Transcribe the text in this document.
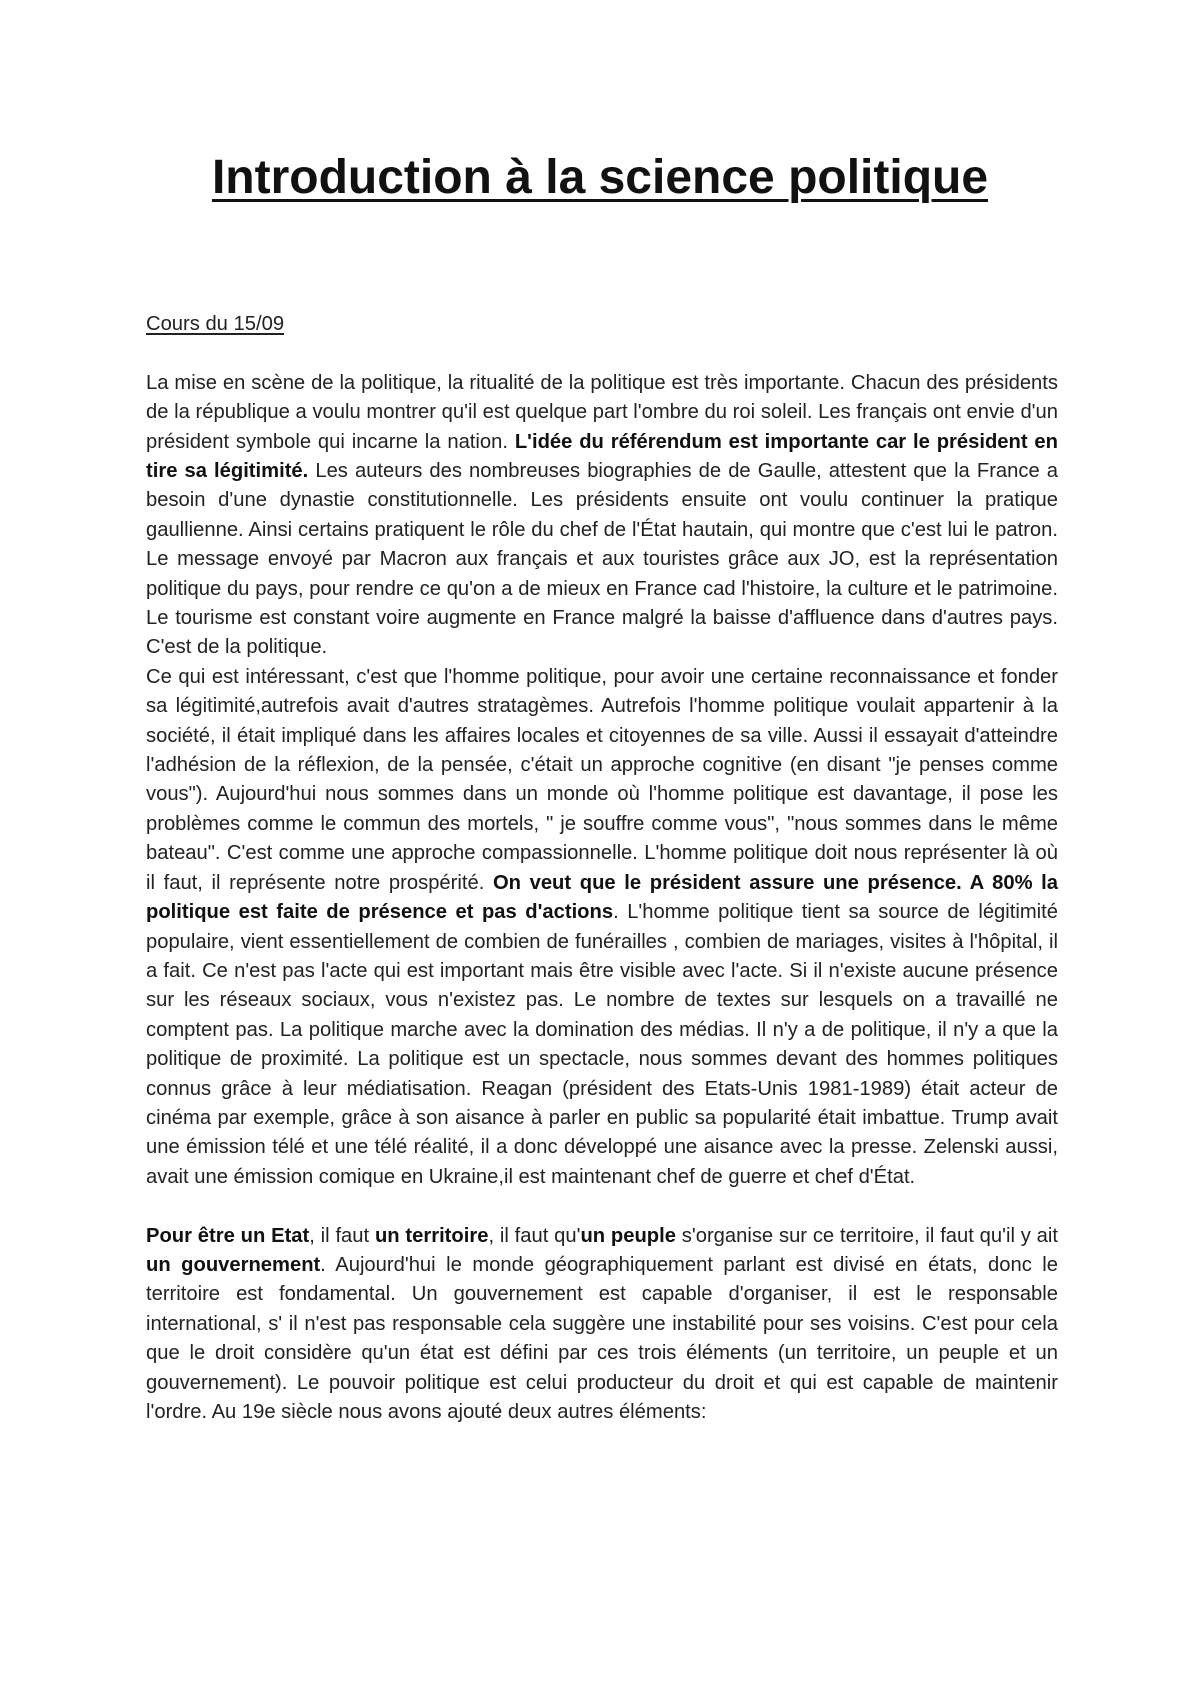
Introduction à la science politique

Cours du 15/09

La mise en scène de la politique, la ritualité de la politique est très importante. Chacun des présidents de la république a voulu montrer qu'il est quelque part l'ombre du roi soleil. Les français ont envie d'un président symbole qui incarne la nation. L'idée du référendum est importante car le président en tire sa légitimité. Les auteurs des nombreuses biographies de de Gaulle, attestent que la France a besoin d'une dynastie constitutionnelle. Les présidents ensuite ont voulu continuer la pratique gaullienne. Ainsi certains pratiquent le rôle du chef de l'État hautain, qui montre que c'est lui le patron. Le message envoyé par Macron aux français et aux touristes grâce aux JO, est la représentation politique du pays, pour rendre ce qu'on a de mieux en France cad l'histoire, la culture et le patrimoine. Le tourisme est constant voire augmente en France malgré la baisse d'affluence dans d'autres pays. C'est de la politique.

Ce qui est intéressant, c'est que l'homme politique, pour avoir une certaine reconnaissance et fonder sa légitimité,autrefois avait d'autres stratagèmes. Autrefois l'homme politique voulait appartenir à la société, il était impliqué dans les affaires locales et citoyennes de sa ville. Aussi il essayait d'atteindre l'adhésion de la réflexion, de la pensée, c'était un approche cognitive (en disant "je penses comme vous"). Aujourd'hui nous sommes dans un monde où l'homme politique est davantage, il pose les problèmes comme le commun des mortels, " je souffre comme vous", "nous sommes dans le même bateau". C'est comme une approche compassionnelle. L'homme politique doit nous représenter là où il faut, il représente notre prospérité. On veut que le président assure une présence. A 80% la politique est faite de présence et pas d'actions. L'homme politique tient sa source de légitimité populaire, vient essentiellement de combien de funérailles , combien de mariages, visites à l'hôpital, il a fait. Ce n'est pas l'acte qui est important mais être visible avec l'acte. Si il n'existe aucune présence sur les réseaux sociaux, vous n'existez pas. Le nombre de textes sur lesquels on a travaillé ne comptent pas. La politique marche avec la domination des médias. Il n'y a de politique, il n'y a que la politique de proximité. La politique est un spectacle, nous sommes devant des hommes politiques connus grâce à leur médiatisation. Reagan (président des Etats-Unis 1981-1989) était acteur de cinéma par exemple, grâce à son aisance à parler en public sa popularité était imbattue. Trump avait une émission télé et une télé réalité, il a donc développé une aisance avec la presse. Zelenski aussi, avait une émission comique en Ukraine,il est maintenant chef de guerre et chef d'État.

Pour être un Etat, il faut un territoire, il faut qu'un peuple s'organise sur ce territoire, il faut qu'il y ait un gouvernement. Aujourd'hui le monde géographiquement parlant est divisé en états, donc le territoire est fondamental. Un gouvernement est capable d'organiser, il est le responsable international, s' il n'est pas responsable cela suggère une instabilité pour ses voisins. C'est pour cela que le droit considère qu'un état est défini par ces trois éléments (un territoire, un peuple et un gouvernement). Le pouvoir politique est celui producteur du droit et qui est capable de maintenir l'ordre. Au 19e siècle nous avons ajouté deux autres éléments:
